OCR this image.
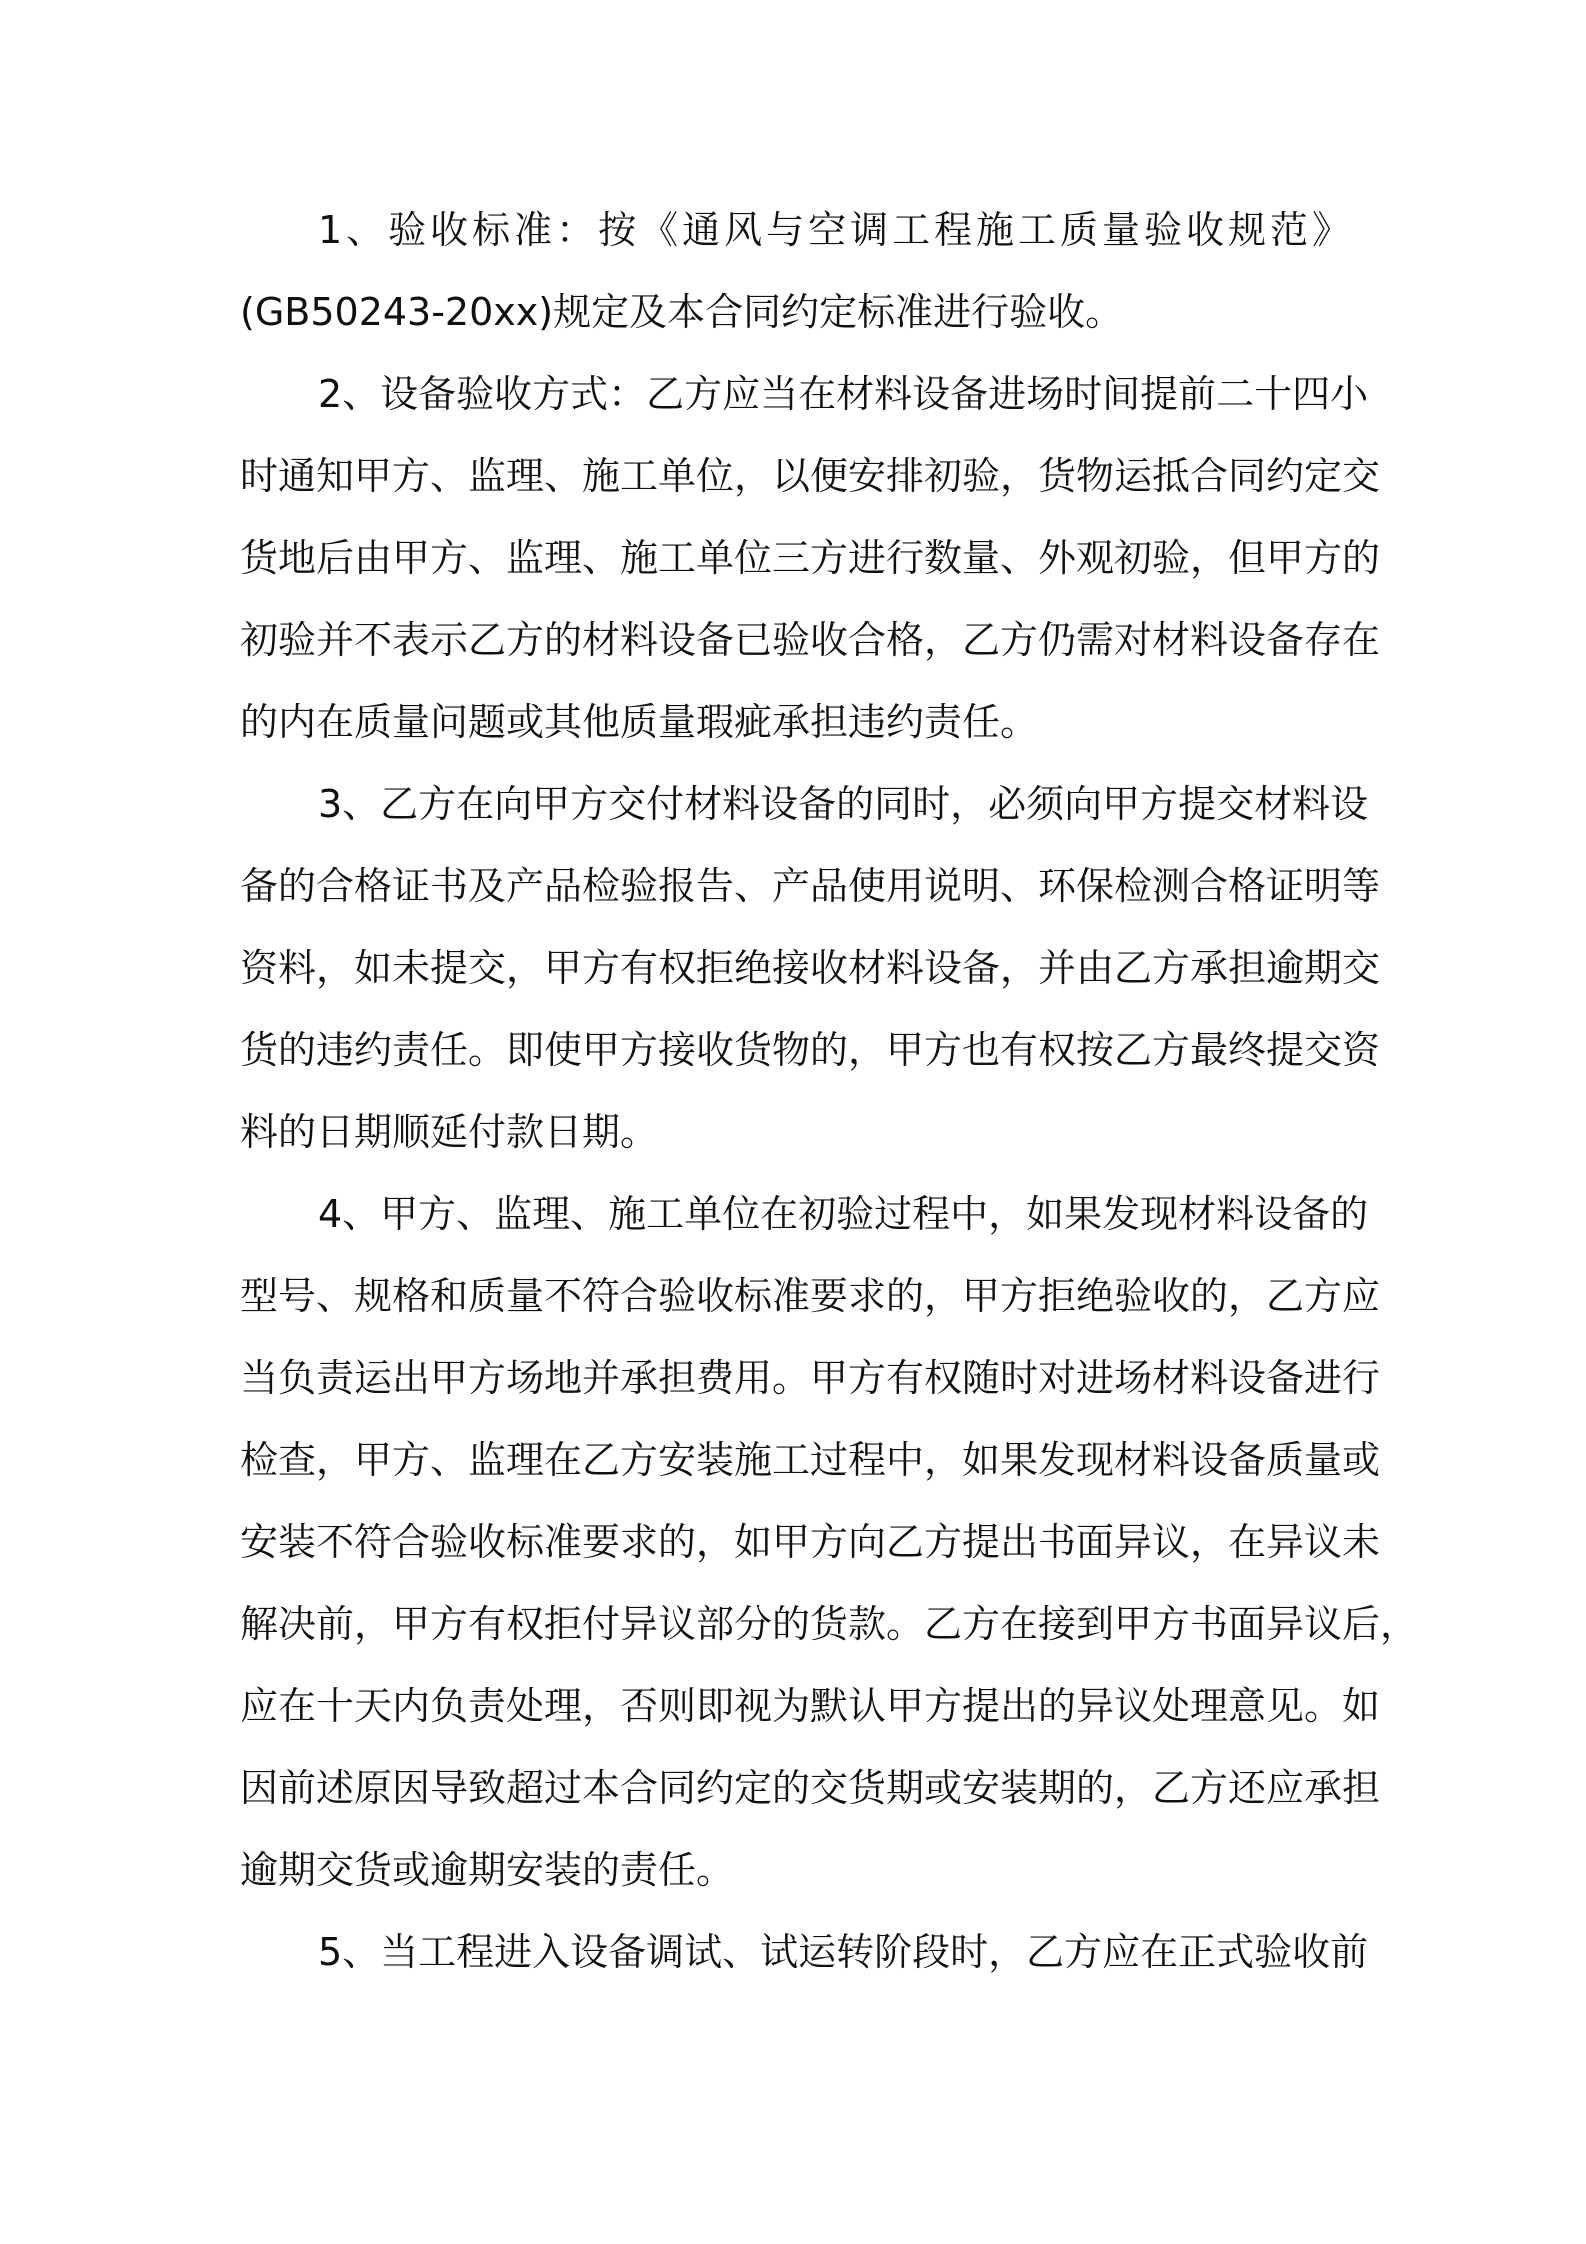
1、验收标准：按《通风与空调工程施工质量验收规范》
(GB50243-20xx)规定及本合同约定标准进行验收。
2、设备验收方式：乙方应当在材料设备进场时间提前二十四小
时通知甲方、监理、施工单位，以便安排初验，货物运抵合同约定交
货地后由甲方、监理、施工单位三方进行数量、外观初验，但甲方的
初验并不表示乙方的材料设备已验收合格，乙方仍需对材料设备存在
的内在质量问题或其他质量瑕疵承担违约责任。
3、乙方在向甲方交付材料设备的同时，必须向甲方提交材料设
备的合格证书及产品检验报告、产品使用说明、环保检测合格证明等
资料，如未提交，甲方有权拒绝接收材料设备，并由乙方承担逾期交
货的违约责任。即使甲方接收货物的，甲方也有权按乙方最终提交资
料的日期顺延付款日期。
4、甲方、监理、施工单位在初验过程中，如果发现材料设备的
型号、规格和质量不符合验收标准要求的，甲方拒绝验收的，乙方应
当负责运出甲方场地并承担费用。甲方有权随时对进场材料设备进行
检查，甲方、监理在乙方安装施工过程中，如果发现材料设备质量或
安装不符合验收标准要求的，如甲方向乙方提出书面异议，在异议未
解决前，甲方有权拒付异议部分的货款。乙方在接到甲方书面异议后，
应在十天内负责处理，否则即视为默认甲方提出的异议处理意见。如
因前述原因导致超过本合同约定的交货期或安装期的，乙方还应承担
逾期交货或逾期安装的责任。
5、当工程进入设备调试、试运转阶段时，乙方应在正式验收前
